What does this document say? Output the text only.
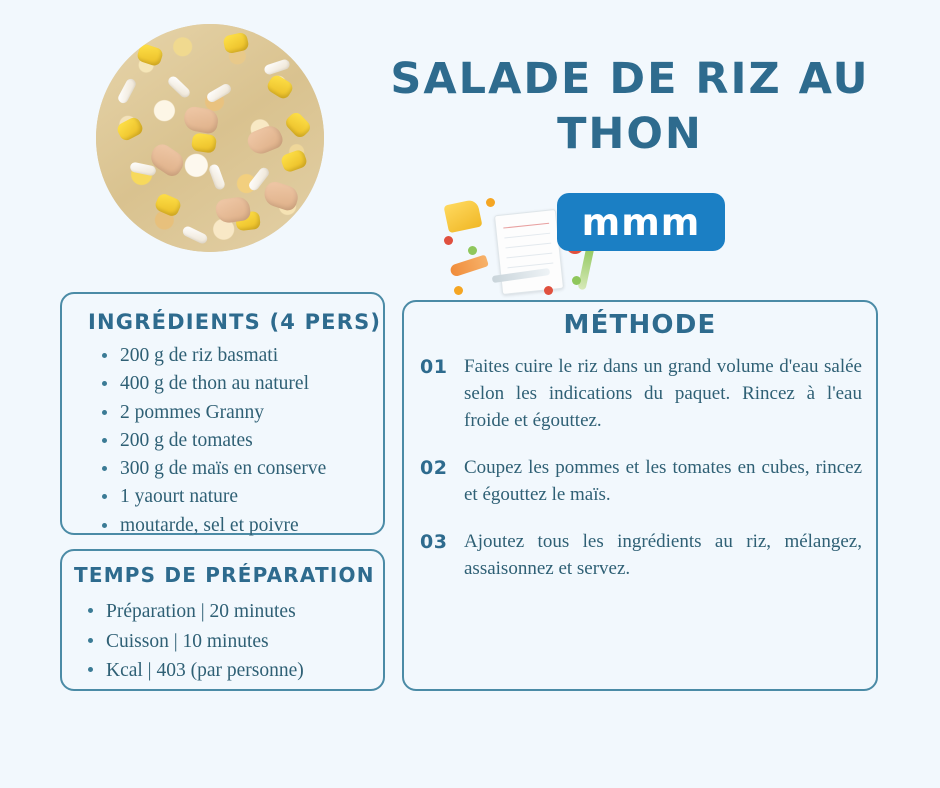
SALADE DE RIZ AU THON
mmm
INGRÉDIENTS (4 PERS)
200 g de riz basmati
400 g de thon au naturel
2 pommes Granny
200 g de tomates
300 g de maïs en conserve
1 yaourt nature
moutarde, sel et poivre
TEMPS DE PRÉPARATION
Préparation | 20 minutes
Cuisson | 10 minutes
Kcal | 403 (par personne)
MÉTHODE
01 Faites cuire le riz dans un grand volume d'eau salée selon les indications du paquet. Rincez à l'eau froide et égouttez.
02 Coupez les pommes et les tomates en cubes, rincez et égouttez le maïs.
03 Ajoutez tous les ingrédients au riz, mélangez, assaisonnez et servez.
